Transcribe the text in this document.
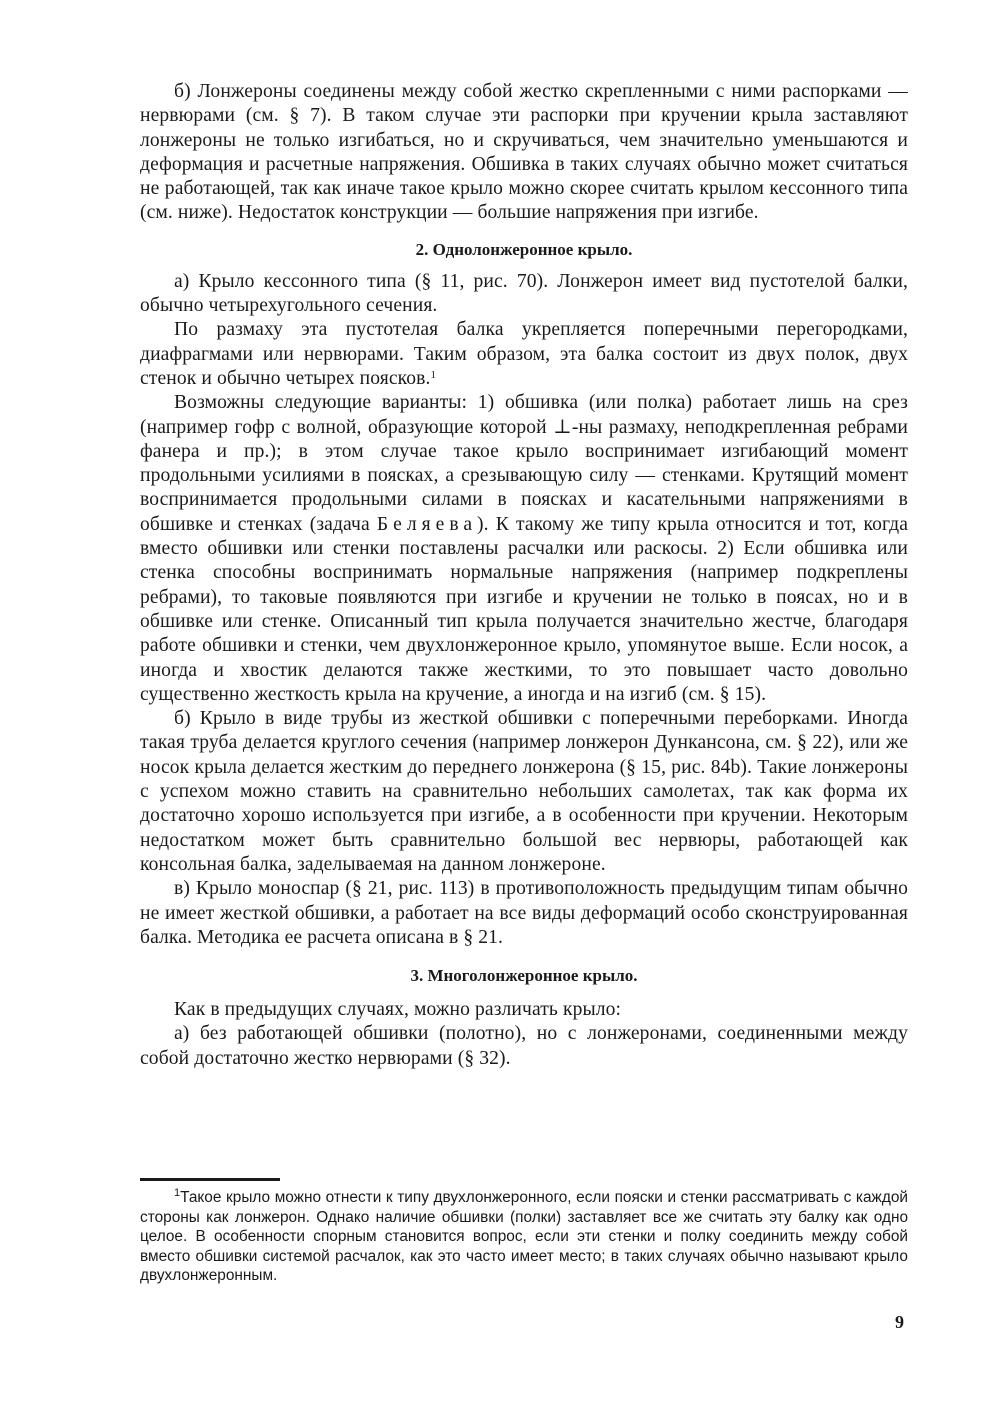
б) Лонжероны соединены между собой жестко скрепленными с ними распорками — нервюрами (см. § 7). В таком случае эти распорки при кручении крыла заставляют лонжероны не только изгибаться, но и скручиваться, чем значительно уменьшаются и деформация и расчетные напряжения. Обшивка в таких случаях обычно может считаться не работающей, так как иначе такое крыло можно скорее считать крылом кессонного типа (см. ниже). Недостаток конструкции — большие напряжения при изгибе.

2. Однолонжеронное крыло.

а) Крыло кессонного типа (§ 11, рис. 70). Лонжерон имеет вид пустотелой балки, обычно четырехугольного сечения.

По размаху эта пустотелая балка укрепляется поперечными перегородками, диафрагмами или нервюрами. Таким образом, эта балка состоит из двух полок, двух стенок и обычно четырех поясков.$^1$

Возможны следующие варианты: 1) обшивка (или полка) работает лишь на срез (например гофр с волной, образующие которой ⊥-ны размаху, неподкрепленная ребрами фанера и пр.); в этом случае такое крыло воспринимает изгибающий момент продольными усилиями в поясках, а срезывающую силу — стенками. Крутящий момент воспринимается продольными силами в поясках и касательными напряжениями в обшивке и стенках (задача Беляева). К такому же типу крыла относится и тот, когда вместо обшивки или стенки поставлены расчалки или раскосы. 2) Если обшивка или стенка способны воспринимать нормальные напряжения (например подкреплены ребрами), то таковые появляются при изгибе и кручении не только в поясах, но и в обшивке или стенке. Описанный тип крыла получается значительно жестче, благодаря работе обшивки и стенки, чем двухлонжеронное крыло, упомянутое выше. Если носок, а иногда и хвостик делаются также жесткими, то это повышает часто довольно существенно жесткость крыла на кручение, а иногда и на изгиб (см. § 15).

б) Крыло в виде трубы из жесткой обшивки с поперечными переборками. Иногда такая труба делается круглого сечения (например лонжерон Дункансона, см. § 22), или же носок крыла делается жестким до переднего лонжерона (§ 15, рис. 84b). Такие лонжероны с успехом можно ставить на сравнительно небольших самолетах, так как форма их достаточно хорошо используется при изгибе, а в особенности при кручении. Некоторым недостатком может быть сравнительно большой вес нервюры, работающей как консольная балка, заделываемая на данном лонжероне.

в) Крыло моноспар (§ 21, рис. 113) в противоположность предыдущим типам обычно не имеет жесткой обшивки, а работает на все виды деформаций особо сконструированная балка. Методика ее расчета описана в § 21.

3. Многолонжеронное крыло.

Как в предыдущих случаях, можно различать крыло:

а) без работающей обшивки (полотно), но с лонжеронами, соединенными между собой достаточно жестко нервюрами (§ 32).

$^1$Такое крыло можно отнести к типу двухлонжеронного, если пояски и стенки рассматривать с каждой стороны как лонжерон. Однако наличие обшивки (полки) заставляет все же считать эту балку как одно целое. В особенности спорным становится вопрос, если эти стенки и полку соединить между собой вместо обшивки системой расчалок, как это часто имеет место; в таких случаях обычно называют крыло двухлонжеронным.

9
